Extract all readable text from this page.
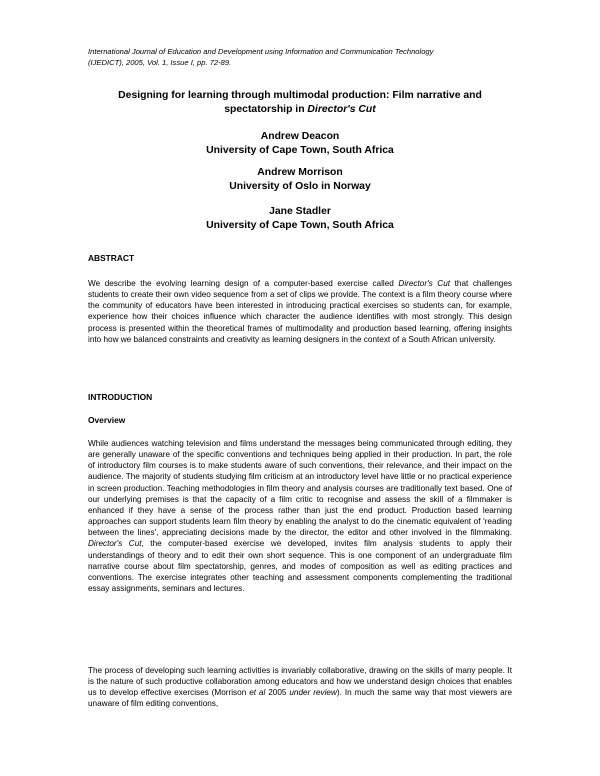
International Journal of Education and Development using Information and Communication Technology
(IJEDICT), 2005, Vol. 1, Issue I, pp. 72-89.
Designing for learning through multimodal production: Film narrative and
spectatorship in Director's Cut
Andrew Deacon
University of Cape Town, South Africa
Andrew Morrison
University of Oslo in Norway
Jane Stadler
University of Cape Town, South Africa
ABSTRACT
We describe the evolving learning design of a computer-based exercise called Director's Cut that challenges students to create their own video sequence from a set of clips we provide. The context is a film theory course where the community of educators have been interested in introducing practical exercises so students can, for example, experience how their choices influence which character the audience identifies with most strongly. This design process is presented within the theoretical frames of multimodality and production based learning, offering insights into how we balanced constraints and creativity as learning designers in the context of a South African university.
INTRODUCTION
Overview
While audiences watching television and films understand the messages being communicated through editing, they are generally unaware of the specific conventions and techniques being applied in their production. In part, the role of introductory film courses is to make students aware of such conventions, their relevance, and their impact on the audience. The majority of students studying film criticism at an introductory level have little or no practical experience in screen production. Teaching methodologies in film theory and analysis courses are traditionally text based. One of our underlying premises is that the capacity of a film critic to recognise and assess the skill of a filmmaker is enhanced if they have a sense of the process rather than just the end product. Production based learning approaches can support students learn film theory by enabling the analyst to do the cinematic equivalent of 'reading between the lines', appreciating decisions made by the director, the editor and other involved in the filmmaking. Director's Cut, the computer-based exercise we developed, invites film analysis students to apply their understandings of theory and to edit their own short sequence. This is one component of an undergraduate film narrative course about film spectatorship, genres, and modes of composition as well as editing practices and conventions. The exercise integrates other teaching and assessment components complementing the traditional essay assignments, seminars and lectures.
The process of developing such learning activities is invariably collaborative, drawing on the skills of many people. It is the nature of such productive collaboration among educators and how we understand design choices that enables us to develop effective exercises (Morrison et al 2005 under review). In much the same way that most viewers are unaware of film editing conventions,
